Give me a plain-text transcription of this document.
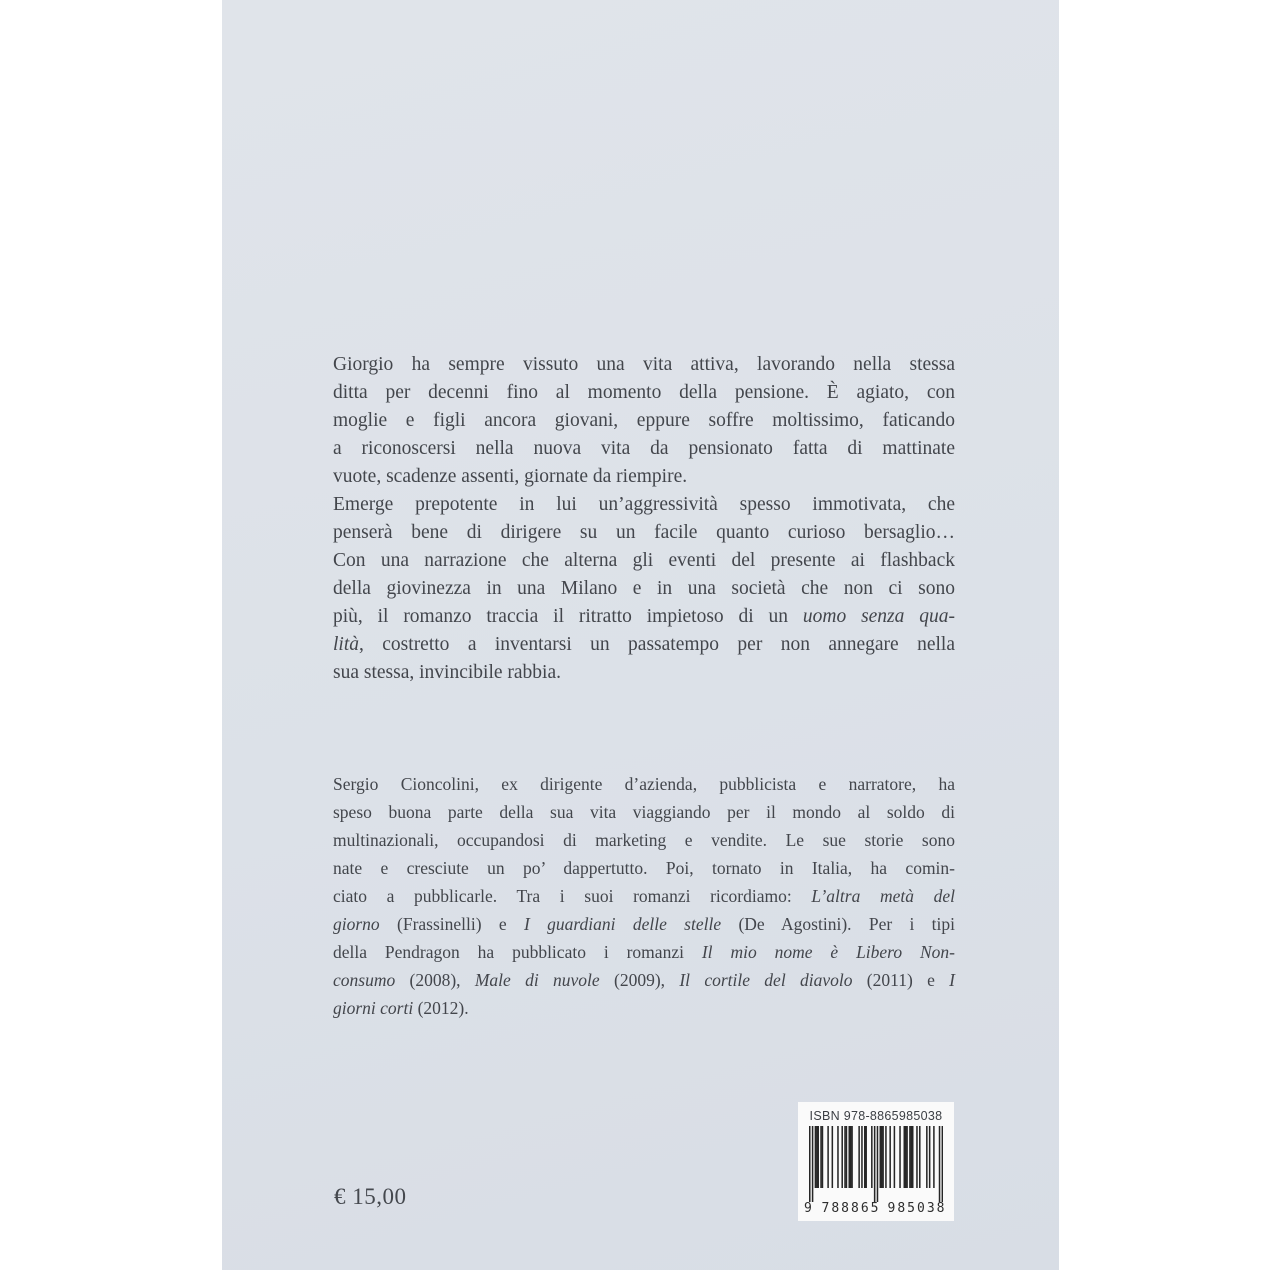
Giorgio ha sempre vissuto una vita attiva, lavorando nella stessa
ditta per decenni fino al momento della pensione. È agiato, con
moglie e figli ancora giovani, eppure soffre moltissimo, faticando
a riconoscersi nella nuova vita da pensionato fatta di mattinate
vuote, scadenze assenti, giornate da riempire.
Emerge prepotente in lui un’aggressività spesso immotivata, che
penserà bene di dirigere su un facile quanto curioso bersaglio…
Con una narrazione che alterna gli eventi del presente ai flashback
della giovinezza in una Milano e in una società che non ci sono
più, il romanzo traccia il ritratto impietoso di un uomo senza qua-
lità, costretto a inventarsi un passatempo per non annegare nella
sua stessa, invincibile rabbia.
Sergio Cioncolini, ex dirigente d’azienda, pubblicista e narratore, ha
speso buona parte della sua vita viaggiando per il mondo al soldo di
multinazionali, occupandosi di marketing e vendite. Le sue storie sono
nate e cresciute un po’ dappertutto. Poi, tornato in Italia, ha comin-
ciato a pubblicarle. Tra i suoi romanzi ricordiamo: L’altra metà del
giorno (Frassinelli) e I guardiani delle stelle (De Agostini). Per i tipi
della Pendragon ha pubblicato i romanzi Il mio nome è Libero Non-
consumo (2008), Male di nuvole (2009), Il cortile del diavolo (2011) e I
giorni corti (2012).
€ 15,00
ISBN 978-8865985038
9 788865 985038
